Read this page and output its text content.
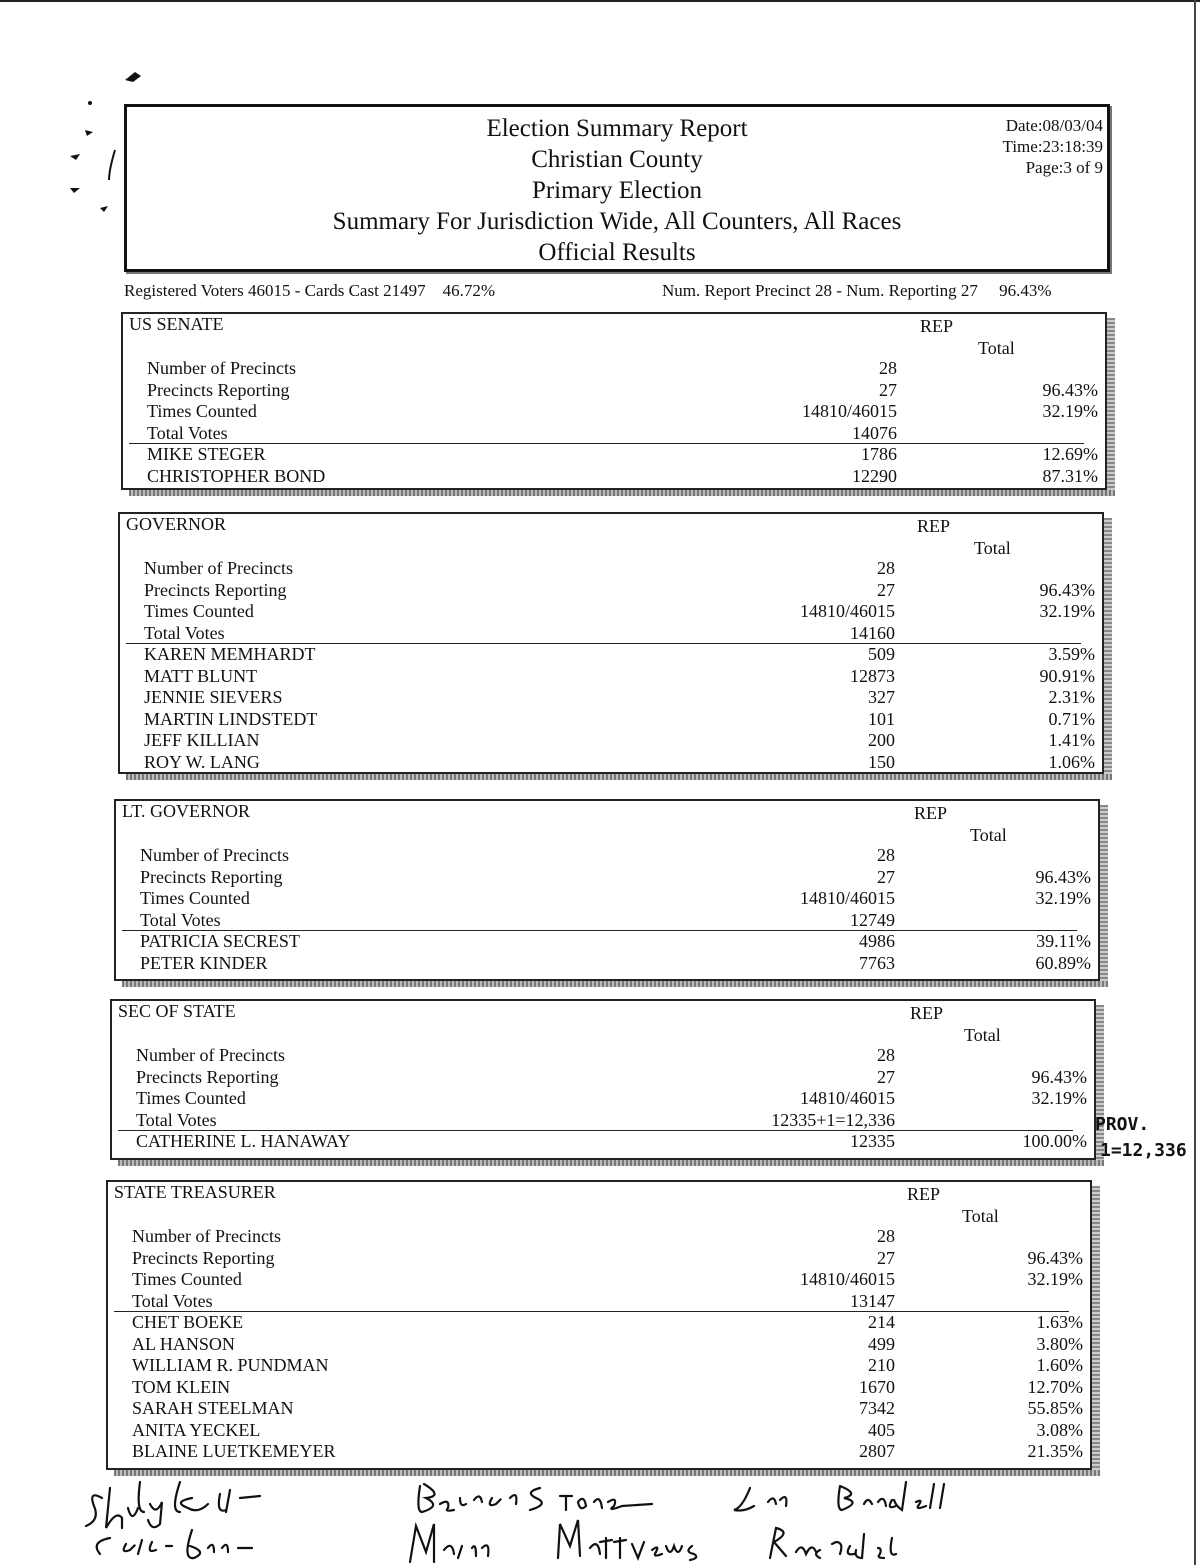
Election Summary Report
Christian County
Primary Election
Summary For Jurisdiction Wide, All Counters, All Races
Official Results
Date:08/03/04
Time:23:18:39
Page:3 of 9
Registered Voters 46015 - Cards Cast 21497 46.72%	Num. Report Precinct 28 - Num. Reporting 27 96.43%
US SENATE	REP
Total
Number of Precincts	28
Precincts Reporting	27	96.43%
Times Counted	14810/46015	32.19%
Total Votes	14076
MIKE STEGER	1786	12.69%
CHRISTOPHER BOND	12290	87.31%
GOVERNOR	REP
Total
Number of Precincts	28
Precincts Reporting	27	96.43%
Times Counted	14810/46015	32.19%
Total Votes	14160
KAREN MEMHARDT	509	3.59%
MATT BLUNT	12873	90.91%
JENNIE SIEVERS	327	2.31%
MARTIN LINDSTEDT	101	0.71%
JEFF KILLIAN	200	1.41%
ROY W. LANG	150	1.06%
LT. GOVERNOR	REP
Total
Number of Precincts	28
Precincts Reporting	27	96.43%
Times Counted	14810/46015	32.19%
Total Votes	12749
PATRICIA SECREST	4986	39.11%
PETER KINDER	7763	60.89%
SEC OF STATE	REP
Total
Number of Precincts	28
Precincts Reporting	27	96.43%
Times Counted	14810/46015	32.19%
Total Votes	12335+1=12,336
CATHERINE L. HANAWAY	12335	100.00%
STATE TREASURER	REP
Total
Number of Precincts	28
Precincts Reporting	27	96.43%
Times Counted	14810/46015	32.19%
Total Votes	13147
CHET BOEKE	214	1.63%
AL HANSON	499	3.80%
WILLIAM R. PUNDMAN	210	1.60%
TOM KLEIN	1670	12.70%
SARAH STEELMAN	7342	55.85%
ANITA YECKEL	405	3.08%
BLAINE LUETKEMEYER	2807	21.35%
PROV.
1=12,336
